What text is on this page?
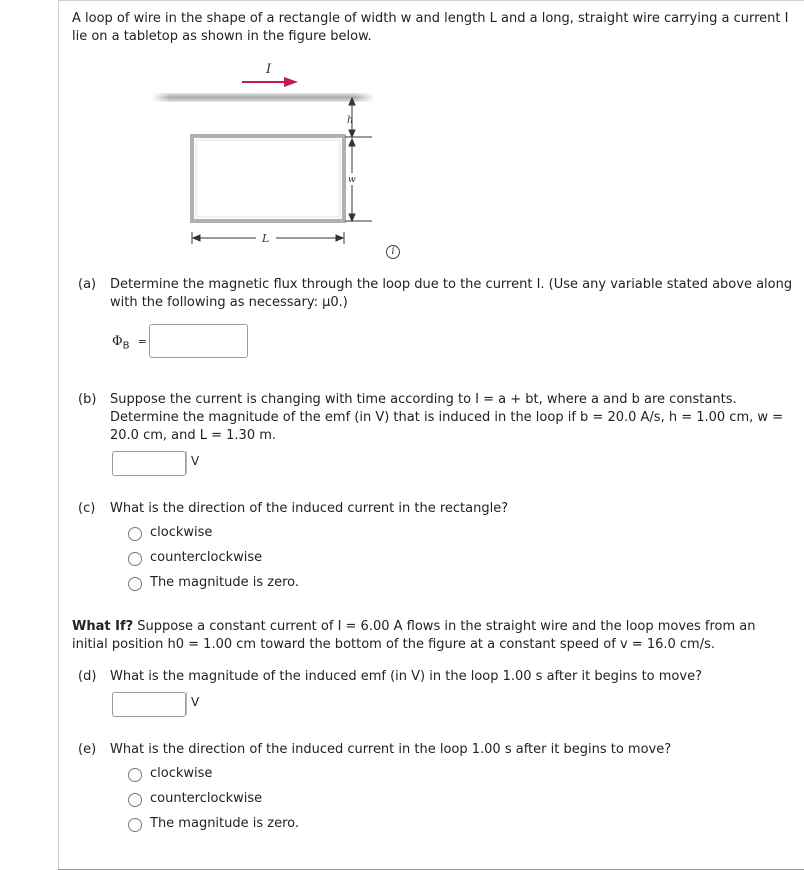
A loop of wire in the shape of a rectangle of width w and length L and a long, straight wire carrying a current I
lie on a tabletop as shown in the figure below.
I
h
w
L
i
(a) Determine the magnetic flux through the loop due to the current I. (Use any variable stated above along
with the following as necessary: μ0.)
$\Phi_B$ =
(b) Suppose the current is changing with time according to I = a + bt, where a and b are constants.
Determine the magnitude of the emf (in V) that is induced in the loop if b = 20.0 A/s, h = 1.00 cm, w =
20.0 cm, and L = 1.30 m.
V
(c) What is the direction of the induced current in the rectangle?
clockwise
counterclockwise
The magnitude is zero.
What If? Suppose a constant current of I = 6.00 A flows in the straight wire and the loop moves from an
initial position h0 = 1.00 cm toward the bottom of the figure at a constant speed of v = 16.0 cm/s.
(d) What is the magnitude of the induced emf (in V) in the loop 1.00 s after it begins to move?
V
(e) What is the direction of the induced current in the loop 1.00 s after it begins to move?
clockwise
counterclockwise
The magnitude is zero.
